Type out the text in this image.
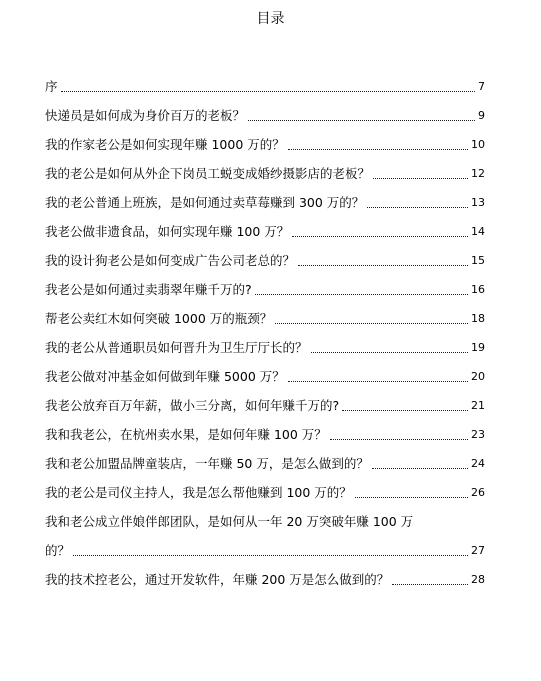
目录
序	7
快递员是如何成为身价百万的老板？	9
我的作家老公是如何实现年赚 1000 万的？	10
我的老公是如何从外企下岗员工蜕变成婚纱摄影店的老板？	12
我的老公普通上班族，是如何通过卖草莓赚到 300 万的？	13
我老公做非遗食品，如何实现年赚 100 万？	14
我的设计狗老公是如何变成广告公司老总的？	15
我老公是如何通过卖翡翠年赚千万的?	16
帮老公卖红木如何突破 1000 万的瓶颈？	18
我的老公从普通职员如何晋升为卫生厅厅长的？	19
我老公做对冲基金如何做到年赚 5000 万？	20
我老公放弃百万年薪，做小三分离，如何年赚千万的?	21
我和我老公，在杭州卖水果，是如何年赚 100 万？	23
我和老公加盟品牌童装店，一年赚 50 万，是怎么做到的？	24
我的老公是司仪主持人，我是怎么帮他赚到 100 万的？	26
我和老公成立伴娘伴郎团队，是如何从一年 20 万突破年赚 100 万
的？	27
我的技术控老公，通过开发软件，年赚 200 万是怎么做到的？	28
